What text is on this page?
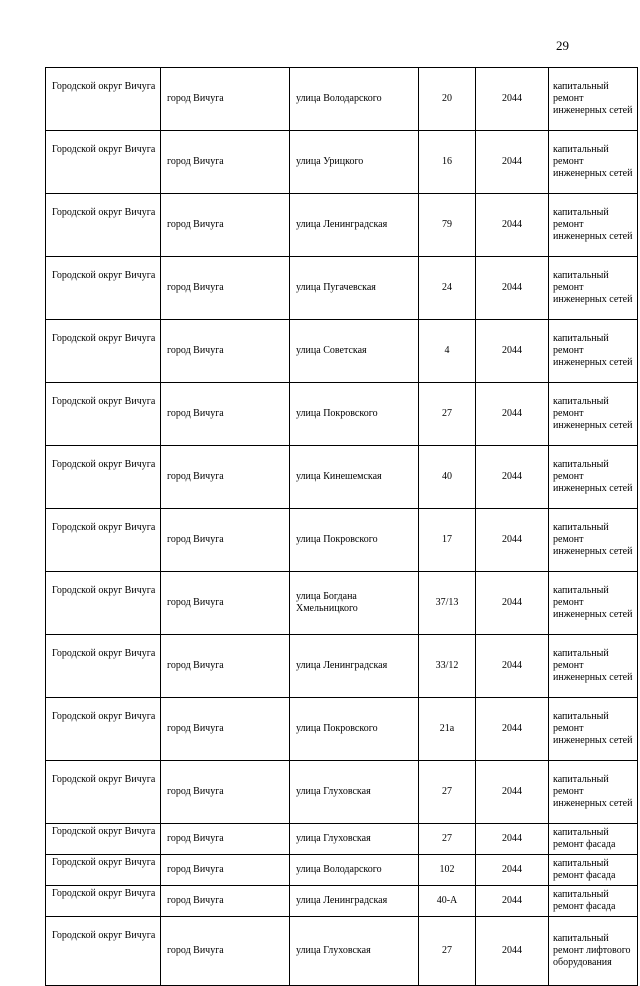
29
Городской округ Вичуга	город Вичуга	улица Володарского	20	2044	капитальный ремонт инженерных сетей
Городской округ Вичуга	город Вичуга	улица Урицкого	16	2044	капитальный ремонт инженерных сетей
Городской округ Вичуга	город Вичуга	улица Ленинградская	79	2044	капитальный ремонт инженерных сетей
Городской округ Вичуга	город Вичуга	улица Пугачевская	24	2044	капитальный ремонт инженерных сетей
Городской округ Вичуга	город Вичуга	улица Советская	4	2044	капитальный ремонт инженерных сетей
Городской округ Вичуга	город Вичуга	улица Покровского	27	2044	капитальный ремонт инженерных сетей
Городской округ Вичуга	город Вичуга	улица Кинешемская	40	2044	капитальный ремонт инженерных сетей
Городской округ Вичуга	город Вичуга	улица Покровского	17	2044	капитальный ремонт инженерных сетей
Городской округ Вичуга	город Вичуга	улица Богдана Хмельницкого	37/13	2044	капитальный ремонт инженерных сетей
Городской округ Вичуга	город Вичуга	улица Ленинградская	33/12	2044	капитальный ремонт инженерных сетей
Городской округ Вичуга	город Вичуга	улица Покровского	21а	2044	капитальный ремонт инженерных сетей
Городской округ Вичуга	город Вичуга	улица Глуховская	27	2044	капитальный ремонт инженерных сетей
Городской округ Вичуга	город Вичуга	улица Глуховская	27	2044	капитальный ремонт фасада
Городской округ Вичуга	город Вичуга	улица Володарского	102	2044	капитальный ремонт фасада
Городской округ Вичуга	город Вичуга	улица Ленинградская	40-А	2044	капитальный ремонт фасада
Городской округ Вичуга	город Вичуга	улица Глуховская	27	2044	капитальный ремонт лифтового оборудования
